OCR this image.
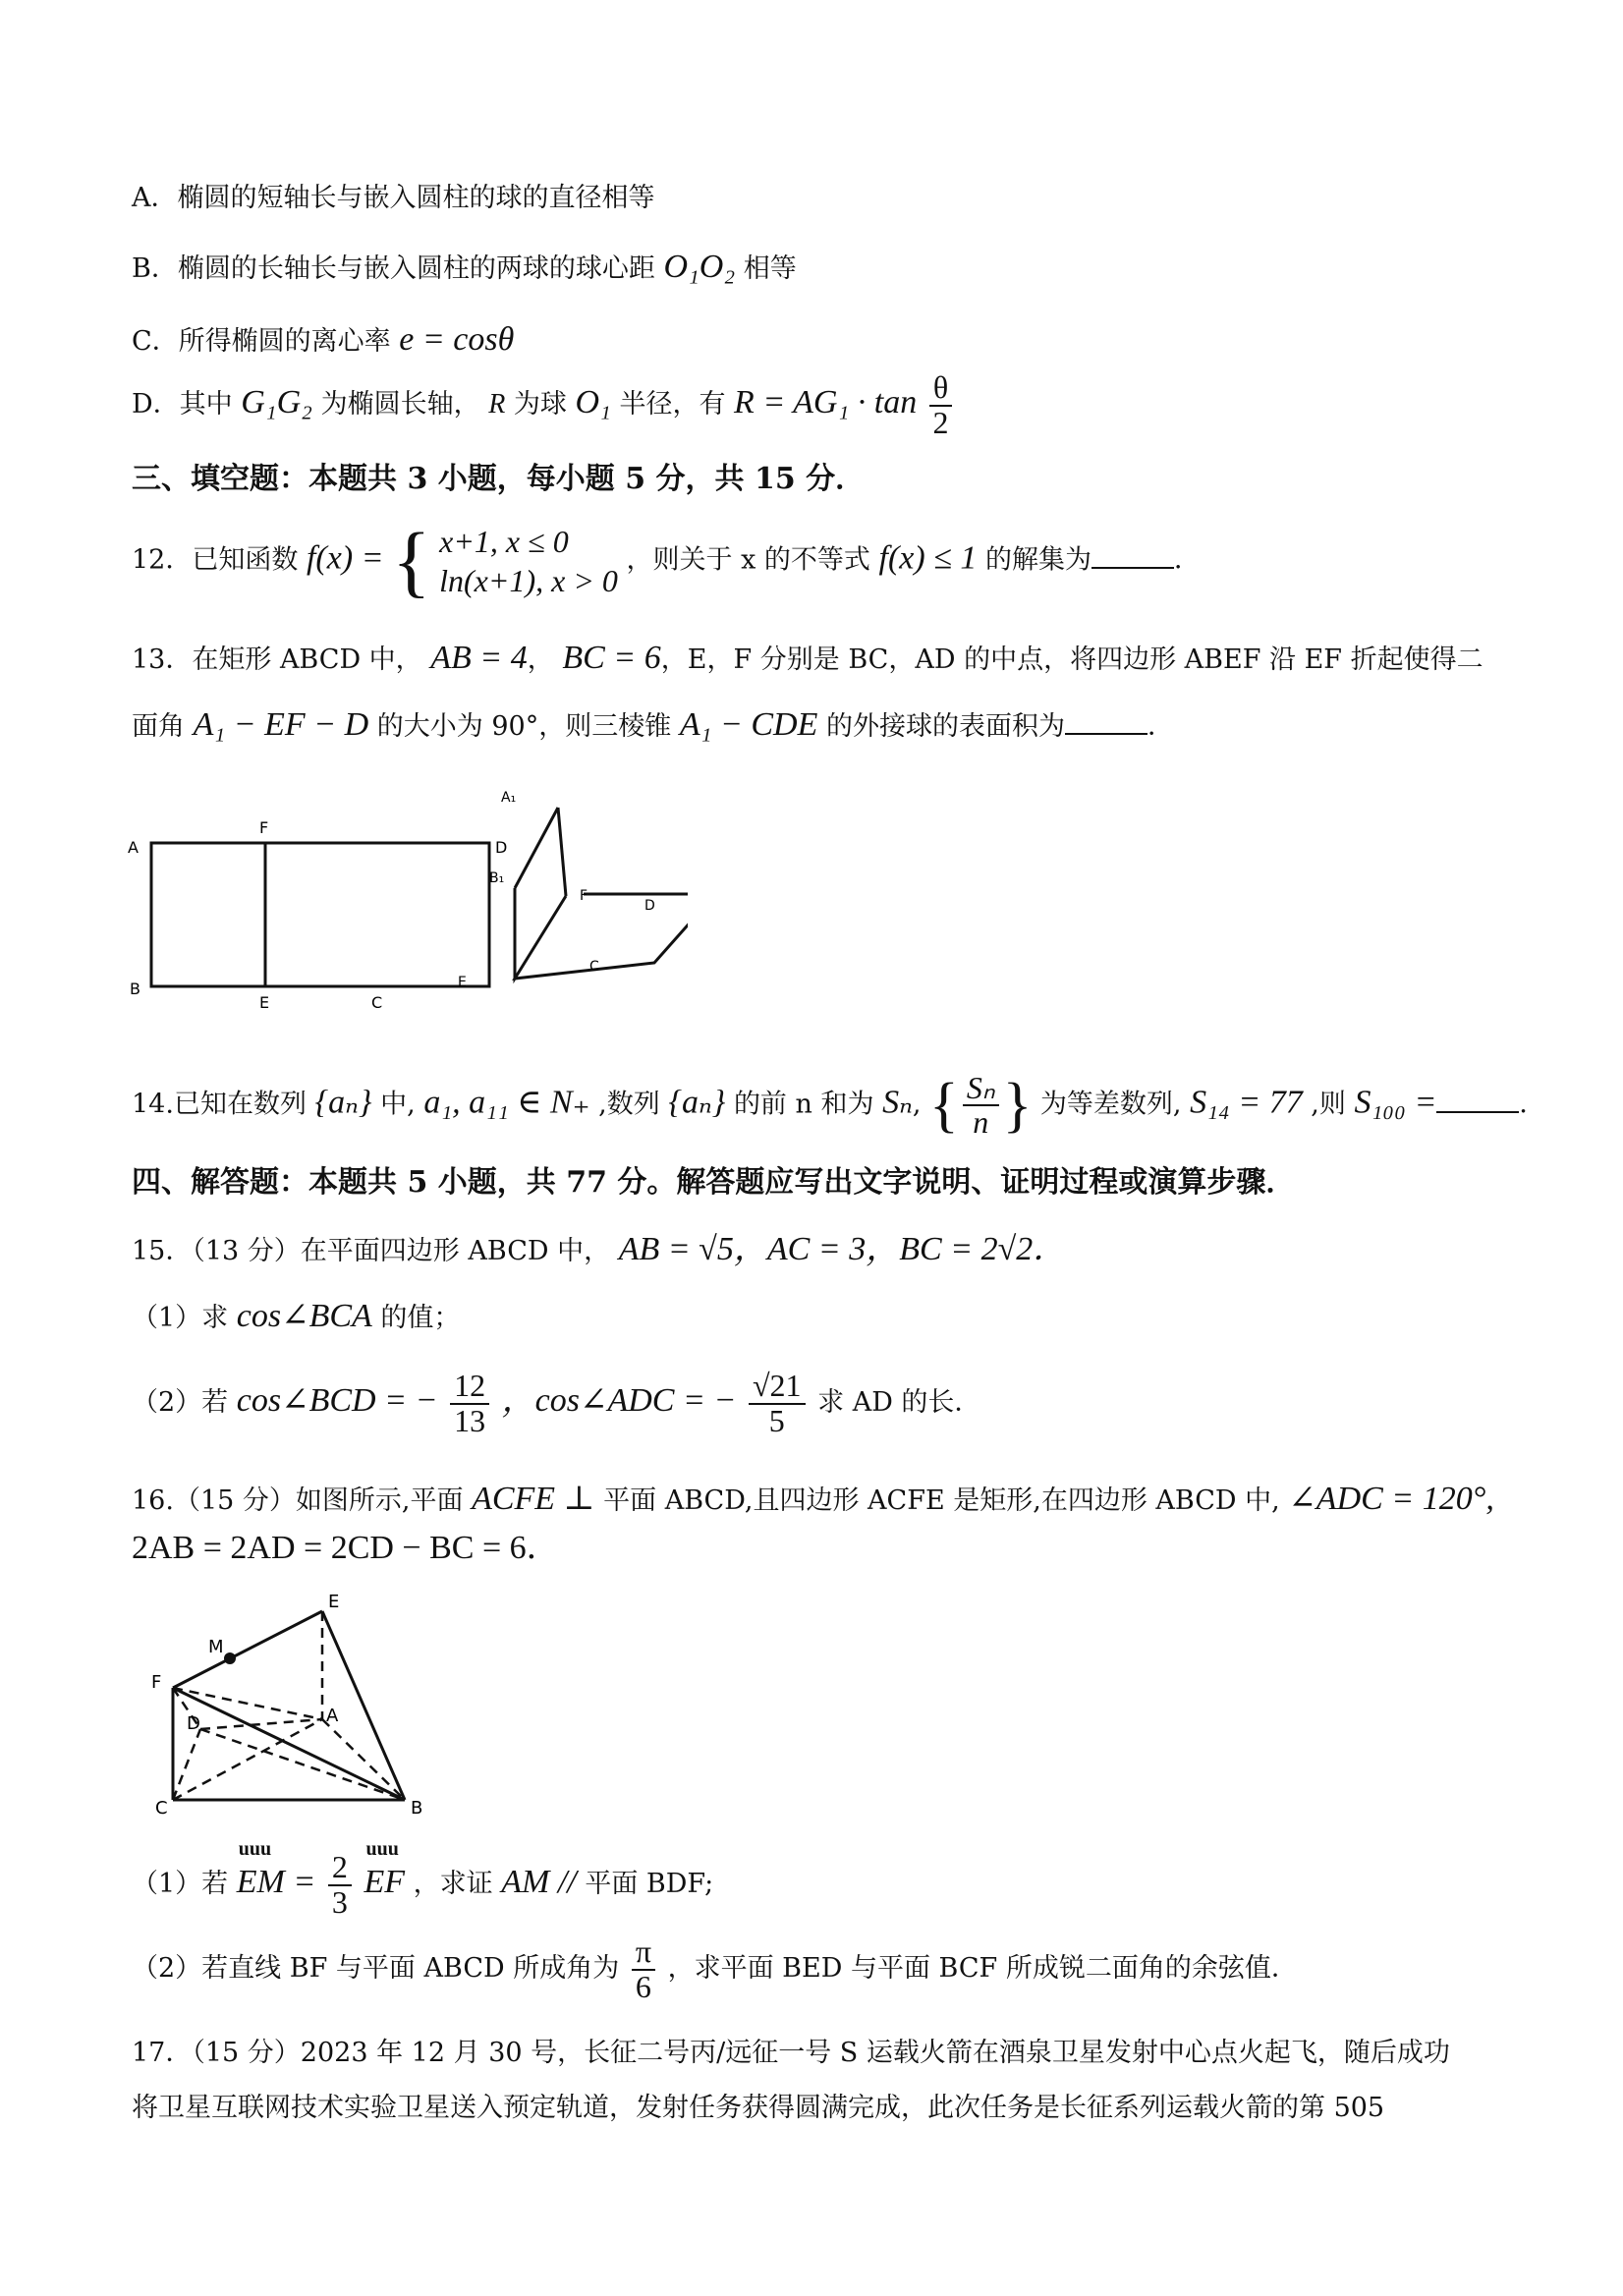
A．椭圆的短轴长与嵌入圆柱的球的直径相等
B．椭圆的长轴长与嵌入圆柱的两球的球心距 O₁O₂ 相等
C．所得椭圆的离心率 e = cosθ
D．其中 G₁G₂ 为椭圆长轴， R 为球 O₁ 半径，有 $R = AG_1 \cdot \tan \frac{\theta}{2}$
三、填空题：本题共 3 小题，每小题 5 分，共 15 分．
12．已知函数 f(x) = { x+1, x ≤ 0
ln(x+1), x > 0
，则关于 x 的不等式 f(x) ≤ 1 的解集为	．
13．在矩形 ABCD 中， AB = 4， BC = 6，E，F 分别是 BC，AD 的中点，将四边形 ABEF 沿 EF 折起使得二
面角 A₁ − EF − D 的大小为 90°，则三棱锥 A₁ − CDE 的外接球的表面积为	．
A
F
D
B
E	C
A₁
B₁
F
D
C
E
14.已知在数列 {aₙ} 中, a₁, a₁₁ ∈ N₊ ,数列 {aₙ} 的前 n 和为 Sₙ, { $\frac{\text{Sₙ}}{n}$ } 为等差数列, S₁₄ = 77 ,则 S₁₀₀ =	．
四、解答题：本题共 5 小题，共 77 分。解答题应写出文字说明、证明过程或演算步骤．
15．（13 分）在平面四边形 ABCD 中， AB = √5，AC = 3，BC = 2√2．
（1）求 cos∠BCA 的值；
（2）若 cos∠BCD = − $\frac{12}{13}$ ，cos∠ADC = − $\frac{√21}{5}$ 求 AD 的长．
16.（15 分）如图所示,平面 ACFE ⊥ 平面 ABCD,且四边形 ACFE 是矩形,在四边形 ABCD 中, ∠ADC = 120°,
2AB = 2AD = 2CD − BC = 6．
E
M
F
D	A
C	B
（1）若
uuu
EM = $\frac{2}{3}$

uuu
EF ，求证 AM // 平面 BDF;
（2）若直线 BF 与平面 ABCD 所成角为 $\frac{\pi}{6}$ ，求平面 BED 与平面 BCF 所成锐二面角的余弦值．
17．（15 分）2023 年 12 月 30 号，长征二号丙/远征一号 S 运载火箭在酒泉卫星发射中心点火起飞，随后成功
将卫星互联网技术实验卫星送入预定轨道，发射任务获得圆满完成，此次任务是长征系列运载火箭的第 505
